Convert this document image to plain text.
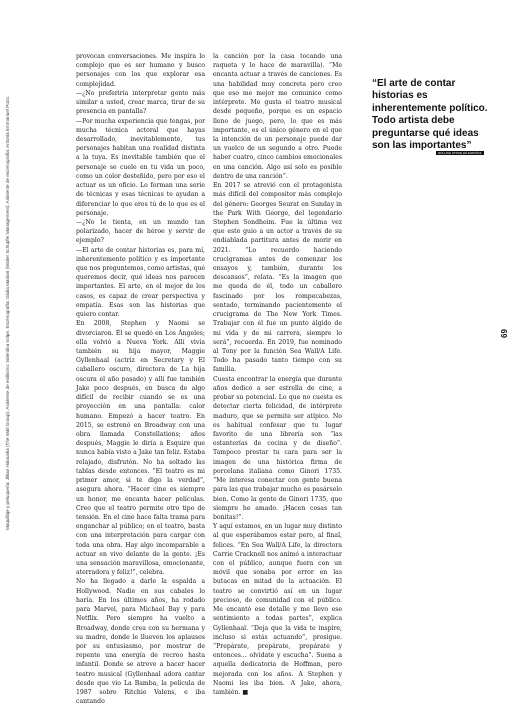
Maquillaje y peluquería: Jillian Halouska (The Wall Group). Asistente de estilismo: Valentina Volpe. Escenografía: Giulia Mariani (Walter Schupfer Management). Asistente de escenografía: Antonia Emmanuel Pozo.

provocan conversaciones. Me inspira lo complejo que es ser humano y busco personajes con los que explorar esa complejidad.

—¿No preferiría interpretar gente más similar a usted, crear marca, tirar de su presencia en pantalla?

—Por mucha experiencia que tengas, por mucha técnica actoral que hayas desarrollado, inevitablemente, tus personajes habitan una realidad distinta a la tuya. Es inevitable también que el personaje se cuele en tu vida un poco, como un color desteñido, pero por eso el actuar es un oficio. Lo forman una serie de técnicas y esas técnicas te ayudan a diferenciar lo que eres tú de lo que es el personaje.

—¿No le tienta, en un mundo tan polarizado, hacer de héroe y servir de ejemplo?

—El arte de contar historias es, para mí, inherentemente político y es importante que nos preguntemos, como artistas, qué queremos decir, qué ideas nos parecen importantes. El arte, en el mejor de los casos, es capaz de crear perspectiva y empatía. Esas son las historias que quiero contar.

En 2008, Stephen y Naomi se divorciaron. Él se quedó en Los Ángeles; ella volvió a Nueva York. Allí vivía también su hija mayor, Maggie Gyllenhaal (actriz en Secretary y El caballero oscuro, directora de La hija oscura el año pasado) y allí fue también Jake poco después, en busca de algo difícil de recibir cuando se es una proyección en una pantalla: calor humano. Empezó a hacer teatro. En 2015, se estrenó en Broadway con una obra llamada Constellations; años después, Maggie le diría a Esquire que nunca había visto a Jake tan feliz. Estaba relajado, disfrutón. No ha soltado las tablas desde entonces. “El teatro es mi primer amor, si te digo la verdad”, asegura ahora. “Hacer cine es siempre un honor, me encanta hacer películas. Creo que el teatro permite otro tipo de tensión. En el cine hace falta trama para enganchar al público; en el teatro, basta con una interpretación para cargar con toda una obra. Hay algo incomparable a actuar en vivo delante de la gente. ¡Es una sensación maravillosa, emocionante, aterradora y feliz!”, celebra.

No ha llegado a darle la espalda a Hollywood. Nadie en sus cabales lo haría. En los últimos años, ha rodado para Marvel, para Michael Bay y para Netflix. Pero siempre ha vuelto a Broadway, donde crea con su hermana y su madre, donde le llueven los aplausos por su entusiasmo, por mostrar de repente una energía de recreo hasta infantil. Donde se atreve a hacer hacer teatro musical (Gyllenhaal adora cantar desde que vio La Bamba, la película de 1987 sobre Ritchie Valens, e iba cantando

la canción por la casa tocando una raqueta y lo hace de maravilla). “Me encanta actuar a través de canciones. Es una habilidad muy concreta pero creo que eso me mejor me comunico como intérprete. Me gusta el teatro musical desde pequeño, porque es un espacio lleno de juego, pero, lo que es más importante, es el único género en el que la intención de un personaje puede dar un vuelco de un segundo a otro. Puede haber cuatro, cinco cambios emocionales en una canción. Algo así solo es posible dentro de una canción”.

En 2017 se atrevió con el protagonista más difícil del compositor más complejo del género: Georges Seurat en Sunday in the Park With George, del legendario Stephen Sondheim. Fue la última vez que este guio a un actor a través de su endiablada partitura antes de morir en 2021. “Lo recuerdo haciendo crucigramas antes de comenzar los ensayos y, también, durante los descansos”, relata. “Es la imagen que me queda de él, todo un caballero fascinado por los rompecabezas, sentado, terminando pacientemente el crucigrama de The New York Times. Trabajar con él fue un punto álgido de mi vida y de mi carrera, siempre lo será”, recuerda. En 2019, fue nominado al Tony por la función Sea Wall/A Life. Todo ha pasado tanto tiempo con su familia.

Cuesta encontrar la energía que durante años dedicó a ser estrella de cine, a probar su potencial. Lo que no cuesta es detectar cierta felicidad, de intérprete maduro, que se permite ser atípico. No es habitual confesar que tu lugar favorito de una librería son “las estanterías de cocina y de diseño”. Tampoco prestar tu cara para ser la imagen de una histórica firma de porcelana italiana como Ginori 1735. “Me interesa conectar con gente buena para las que trabajar mucho es pasárselo bien. Como la gente de Ginori 1735, que siempre he amado. ¡Hacen cosas tan bonitas!”.

Y aquí estamos, en un lugar muy distinto al que esperábamos estar pero, al final, felices. “En Sea Wall/A Life, la directora Carrie Cracknell nos animó a interactuar con el público, aunque fuera con un móvil que sonaba por error en las butacas en mitad de la actuación. El teatro se convirtió así en un lugar precioso, de comunidad con el público. Me encantó ese detalle y me llevo ese sentimiento a todas partes”, explica Gyllenhaal. “Deja que la vida te inspire, incluso si estás actuando”, prosigue. “Prepárate, prepárate, prepárate y entonces... olvídate y escucha”. Suena a aquella dedicatoria de Hoffman, pero mejorada con los años. A Stephen y Naomi les iba bien. A Jake, ahora, también. ■

“El arte de contar historias es inherentemente político. Todo artista debe preguntarse qué ideas son las importantes”
ROLLING STONE EN ESPAÑOL
69
